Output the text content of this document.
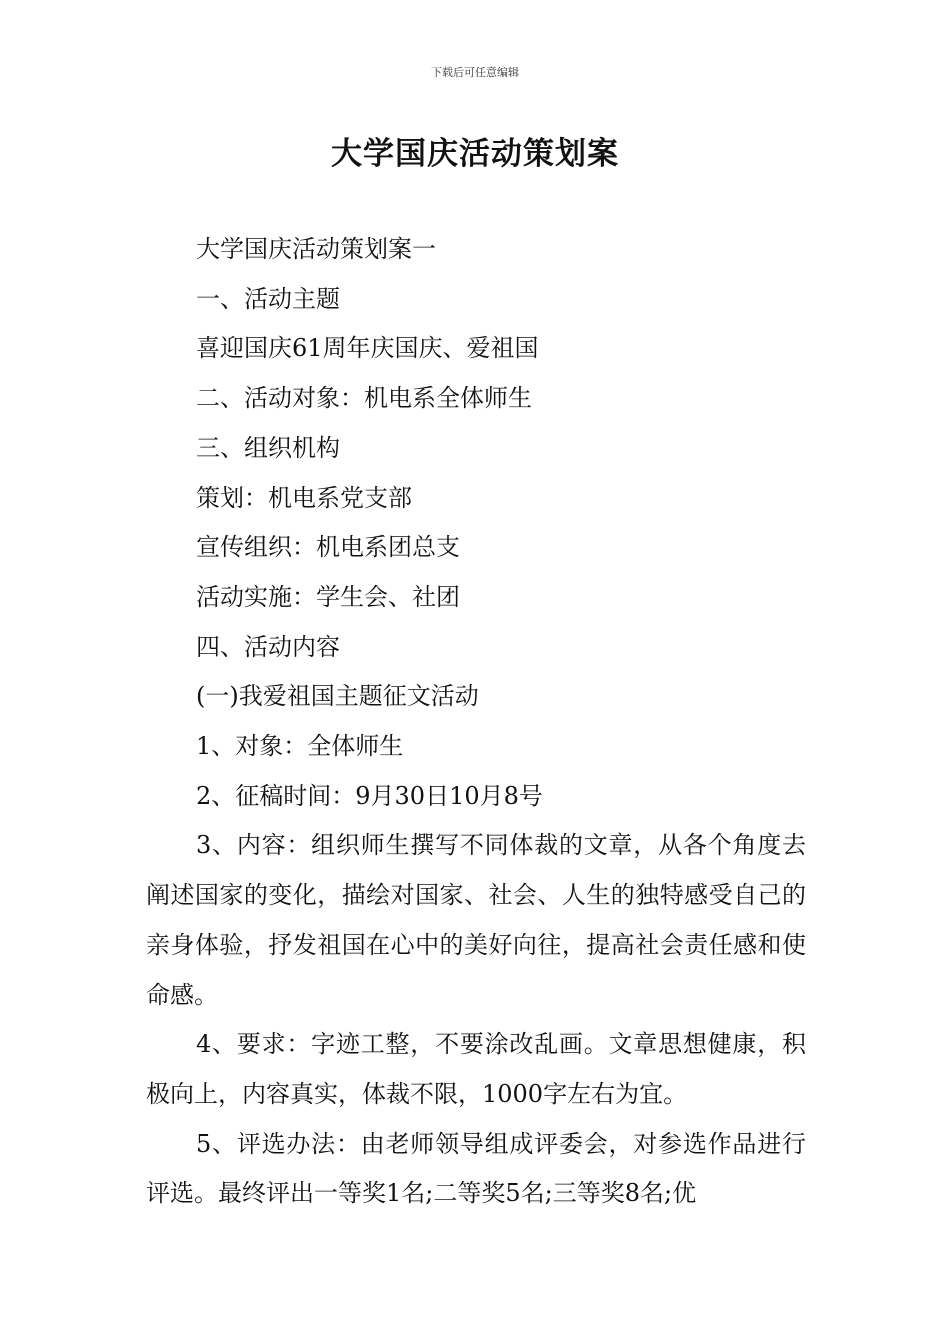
下载后可任意编辑
大学国庆活动策划案
大学国庆活动策划案一
一、活动主题
喜迎国庆61周年庆国庆、爱祖国
二、活动对象：机电系全体师生
三、组织机构
策划：机电系党支部
宣传组织：机电系团总支
活动实施：学生会、社团
四、活动内容
(一)我爱祖国主题征文活动
1、对象：全体师生
2、征稿时间：9月30日10月8号
3、内容：组织师生撰写不同体裁的文章，从各个角度去阐述国家的变化，描绘对国家、社会、人生的独特感受自己的亲身体验，抒发祖国在心中的美好向往，提高社会责任感和使命感。
4、要求：字迹工整，不要涂改乱画。文章思想健康，积极向上，内容真实，体裁不限，1000字左右为宜。
5、评选办法：由老师领导组成评委会，对参选作品进行评选。最终评出一等奖1名;二等奖5名;三等奖8名;优
